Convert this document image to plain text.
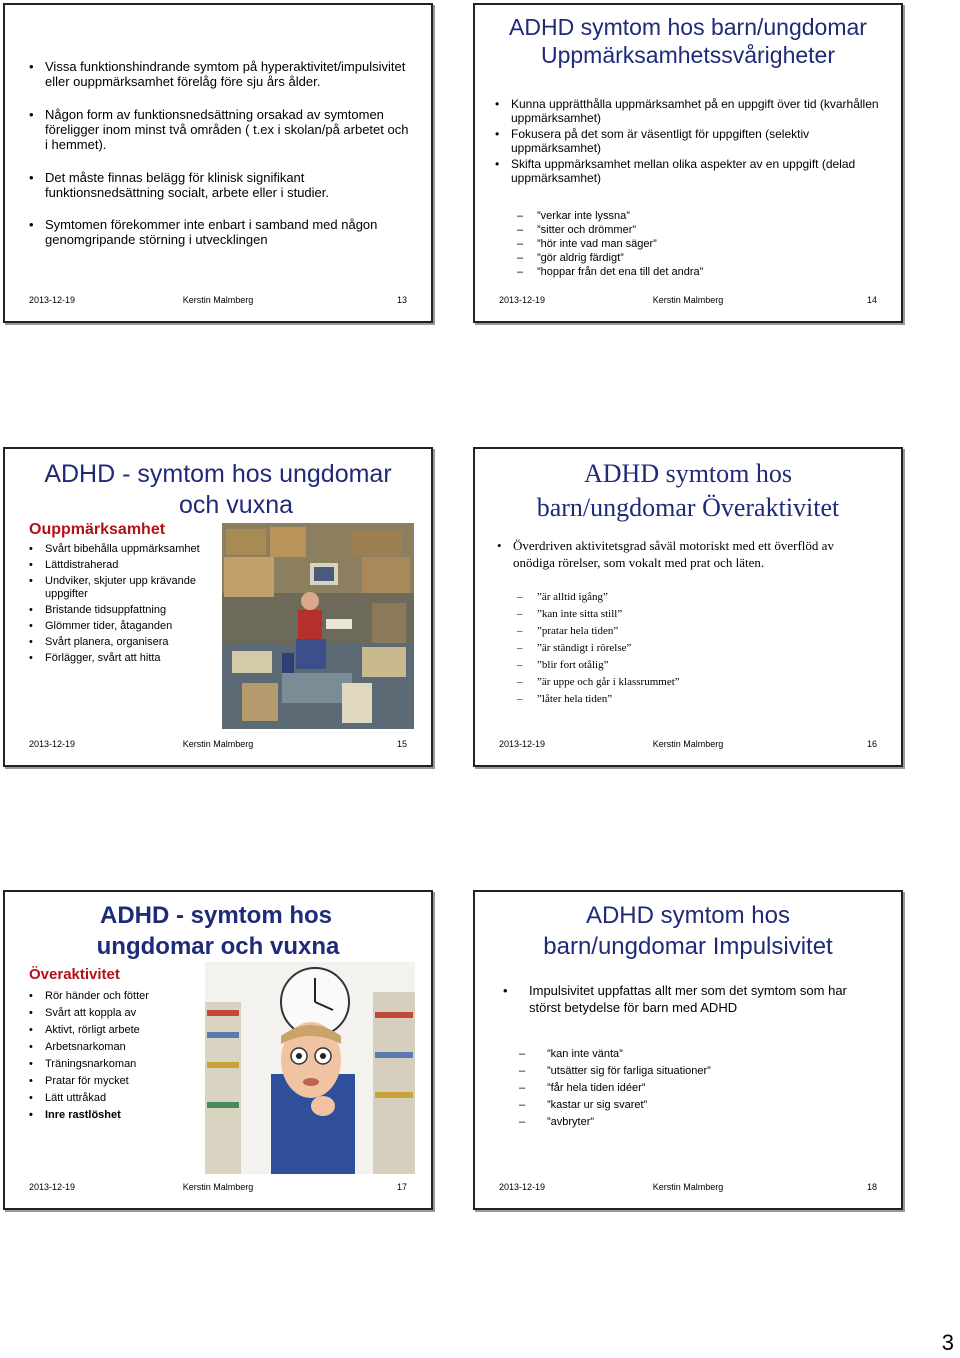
• Vissa funktionshindrande symtom på hyperaktivitet/impulsivitet eller ouppmärksamhet förelåg före sju års ålder.
• Någon form av funktionsnedsättning orsakad av symtomen föreligger inom minst två områden ( t.ex i skolan/på arbetet och i hemmet).
• Det måste finnas belägg för klinisk signifikant funktionsnedsättning socialt, arbete eller i studier.
• Symtomen förekommer inte enbart i samband med någon genomgripande störning i utvecklingen
2013-12-19	Kerstin Malmberg	13
ADHD symtom hos barn/ungdomar
Uppmärksamhetssvårigheter
• Kunna upprätthålla uppmärksamhet på en uppgift över tid (kvarhållen uppmärksamhet)
• Fokusera på det som är väsentligt för uppgiften (selektiv uppmärksamhet)
• Skifta uppmärksamhet mellan olika aspekter av en uppgift (delad uppmärksamhet)
– ”verkar inte lyssna”
– ”sitter och drömmer”
– ”hör inte vad man säger”
– ”gör aldrig färdigt”
– ”hoppar från det ena till det andra”
2013-12-19	Kerstin Malmberg	14
ADHD - symtom hos ungdomar
och vuxna
Ouppmärksamhet
• Svårt bibehålla uppmärksamhet
• Lättdistraherad
• Undviker, skjuter upp krävande uppgifter
• Bristande tidsuppfattning
• Glömmer tider, åtaganden
• Svårt planera, organisera
• Förlägger, svårt att hitta
2013-12-19	Kerstin Malmberg	15
ADHD symtom hos
barn/ungdomar Överaktivitet
• Överdriven aktivitetsgrad såväl motoriskt med ett överflöd av onödiga rörelser, som vokalt med prat och läten.
– ”är alltid igång”
– ”kan inte sitta still”
– ”pratar hela tiden”
– ”är ständigt i rörelse”
– ”blir fort otålig”
– ”är uppe och går i klassrummet”
– ”låter hela tiden”
2013-12-19	Kerstin Malmberg	16
ADHD - symtom hos
ungdomar och vuxna
Överaktivitet
• Rör händer och fötter
• Svårt att koppla av
• Aktivt, rörligt arbete
• Arbetsnarkoman
• Träningsnarkoman
• Pratar för mycket
• Lätt uttråkad
• Inre rastlöshet
2013-12-19	Kerstin Malmberg	17
ADHD symtom hos
barn/ungdomar Impulsivitet
• Impulsivitet uppfattas allt mer som det symtom som har störst betydelse för barn med ADHD
– ”kan inte vänta”
– ”utsätter sig för farliga situationer”
– ”får hela tiden idéer”
– ”kastar ur sig svaret”
– ”avbryter”
2013-12-19	Kerstin Malmberg	18
3
